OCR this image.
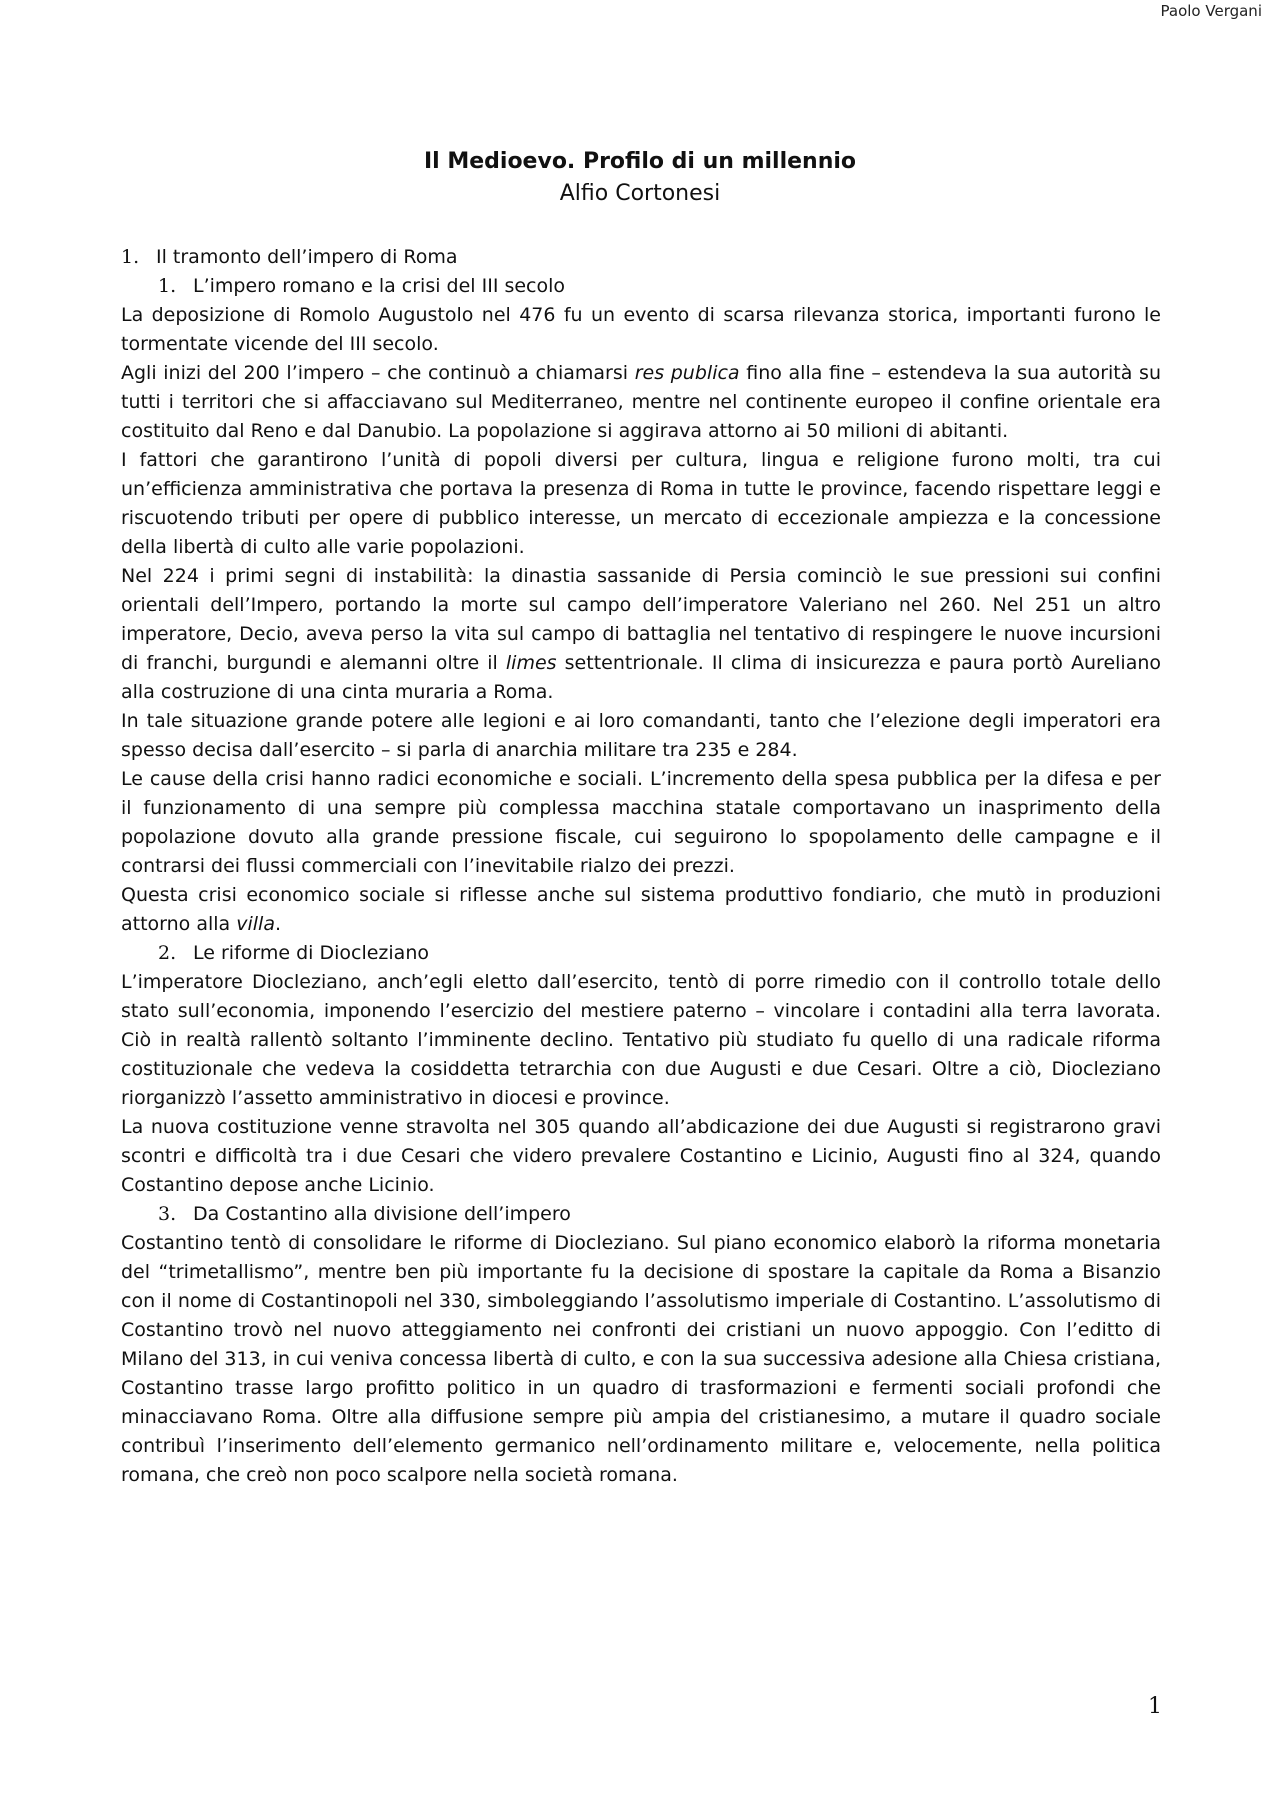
Paolo Vergani
Il Medioevo. Profilo di un millennio
Alfio Cortonesi
1. Il tramonto dell’impero di Roma
1. L’impero romano e la crisi del III secolo

La deposizione di Romolo Augustolo nel 476 fu un evento di scarsa rilevanza storica, importanti furono le tormentate vicende del III secolo.

Agli inizi del 200 l’impero – che continuò a chiamarsi res publica fino alla fine – estendeva la sua autorità su tutti i territori che si affacciavano sul Mediterraneo, mentre nel continente europeo il confine orientale era costituito dal Reno e dal Danubio. La popolazione si aggirava attorno ai 50 milioni di abitanti.

I fattori che garantirono l’unità di popoli diversi per cultura, lingua e religione furono molti, tra cui un’efficienza amministrativa che portava la presenza di Roma in tutte le province, facendo rispettare leggi e riscuotendo tributi per opere di pubblico interesse, un mercato di eccezionale ampiezza e la concessione della libertà di culto alle varie popolazioni.

Nel 224 i primi segni di instabilità: la dinastia sassanide di Persia cominciò le sue pressioni sui confini orientali dell’Impero, portando la morte sul campo dell’imperatore Valeriano nel 260. Nel 251 un altro imperatore, Decio, aveva perso la vita sul campo di battaglia nel tentativo di respingere le nuove incursioni di franchi, burgundi e alemanni oltre il limes settentrionale. Il clima di insicurezza e paura portò Aureliano alla costruzione di una cinta muraria a Roma.

In tale situazione grande potere alle legioni e ai loro comandanti, tanto che l’elezione degli imperatori era spesso decisa dall’esercito – si parla di anarchia militare tra 235 e 284.

Le cause della crisi hanno radici economiche e sociali. L’incremento della spesa pubblica per la difesa e per il funzionamento di una sempre più complessa macchina statale comportavano un inasprimento della popolazione dovuto alla grande pressione fiscale, cui seguirono lo spopolamento delle campagne e il contrarsi dei flussi commerciali con l’inevitabile rialzo dei prezzi.

Questa crisi economico sociale si riflesse anche sul sistema produttivo fondiario, che mutò in produzioni attorno alla villa.

2. Le riforme di Diocleziano

L’imperatore Diocleziano, anch’egli eletto dall’esercito, tentò di porre rimedio con il controllo totale dello stato sull’economia, imponendo l’esercizio del mestiere paterno – vincolare i contadini alla terra lavorata. Ciò in realtà rallentò soltanto l’imminente declino. Tentativo più studiato fu quello di una radicale riforma costituzionale che vedeva la cosiddetta tetrarchia con due Augusti e due Cesari. Oltre a ciò, Diocleziano riorganizzò l’assetto amministrativo in diocesi e province.

La nuova costituzione venne stravolta nel 305 quando all’abdicazione dei due Augusti si registrarono gravi scontri e difficoltà tra i due Cesari che videro prevalere Costantino e Licinio, Augusti fino al 324, quando Costantino depose anche Licinio.

3. Da Costantino alla divisione dell’impero

Costantino tentò di consolidare le riforme di Diocleziano. Sul piano economico elaborò la riforma monetaria del “trimetallismo”, mentre ben più importante fu la decisione di spostare la capitale da Roma a Bisanzio con il nome di Costantinopoli nel 330, simboleggiando l’assolutismo imperiale di Costantino. L’assolutismo di Costantino trovò nel nuovo atteggiamento nei confronti dei cristiani un nuovo appoggio. Con l’editto di Milano del 313, in cui veniva concessa libertà di culto, e con la sua successiva adesione alla Chiesa cristiana, Costantino trasse largo profitto politico in un quadro di trasformazioni e fermenti sociali profondi che minacciavano Roma. Oltre alla diffusione sempre più ampia del cristianesimo, a mutare il quadro sociale contribuì l’inserimento dell’elemento germanico nell’ordinamento militare e, velocemente, nella politica romana, che creò non poco scalpore nella società romana.

1
